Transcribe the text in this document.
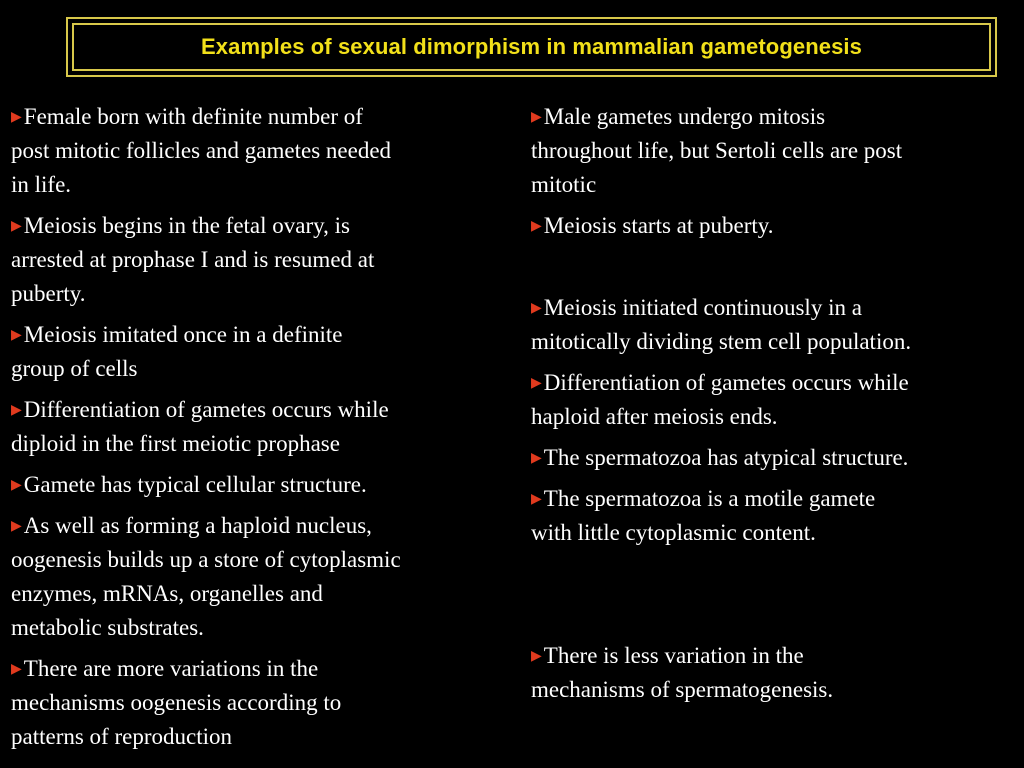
Examples of sexual dimorphism in mammalian gametogenesis
▶Female born with definite number of
post mitotic follicles and gametes needed
in life.
▶Meiosis begins in the fetal ovary, is
arrested at prophase I and is resumed at
puberty.
▶Meiosis imitated once in a definite
group of cells
▶Differentiation of gametes occurs while
diploid in the first meiotic prophase
▶Gamete has typical cellular structure.
▶As well as forming a haploid nucleus,
oogenesis builds up a store of cytoplasmic
enzymes, mRNAs, organelles and
metabolic substrates.
▶There are more variations in the
mechanisms oogenesis according to
patterns of reproduction
▶Male gametes undergo mitosis
throughout life, but Sertoli cells are post
mitotic
▶Meiosis starts at puberty.
▶Meiosis initiated continuously in a
mitotically dividing stem cell population.
▶Differentiation of gametes occurs while
haploid after meiosis ends.
▶The spermatozoa has atypical structure.
▶The spermatozoa is a motile gamete
with little cytoplasmic content.
▶There is less variation in the
mechanisms of spermatogenesis.
